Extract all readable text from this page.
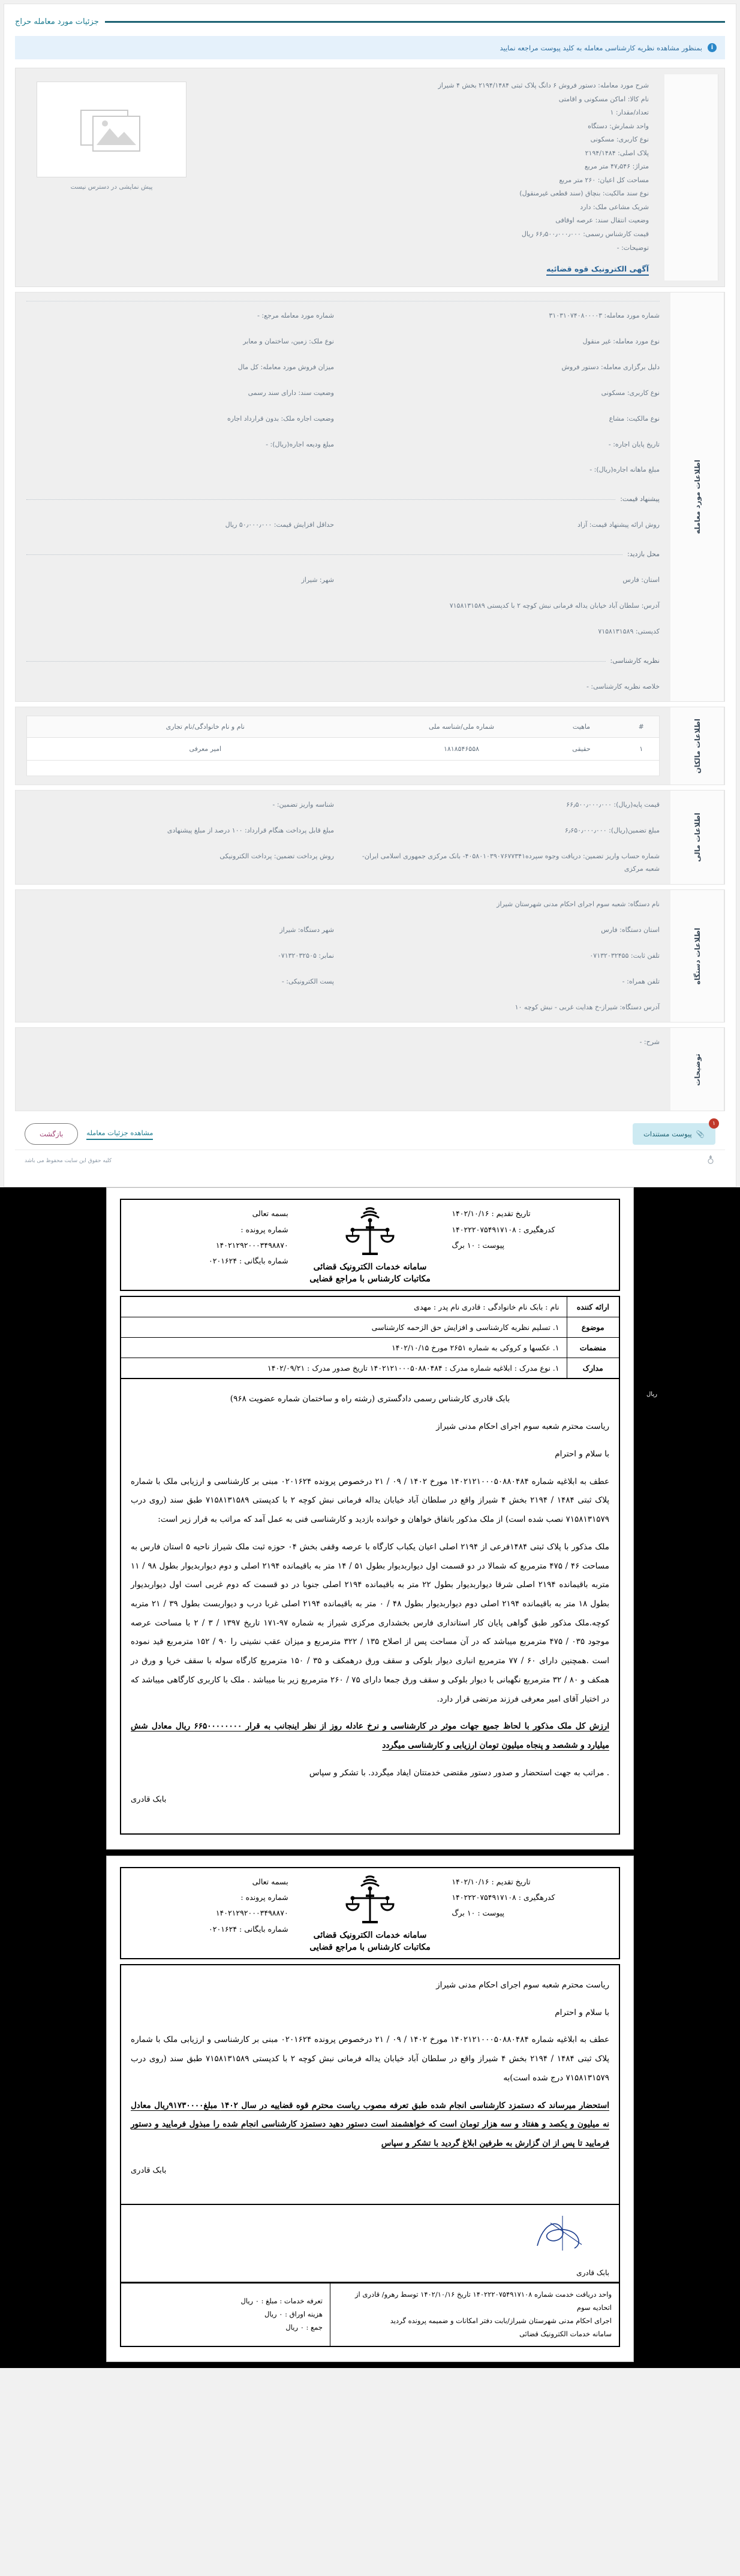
جزئیات مورد معامله حراج
i
بمنظور مشاهده نظریه کارشناسی معامله به کلید پیوست مراجعه نمایید
شرح مورد معامله: دستور فروش ۶ دانگ پلاک ثبتی ۲۱۹۴/۱۴۸۴ بخش ۴ شیراز
نام کالا: اماکن مسکونی و اقامتی
تعداد/مقدار: ۱
واحد شمارش: دستگاه
نوع کاربری: مسکونی
پلاک اصلی: ۲۱۹۴/۱۴۸۴
متراژ: ۴۷٫۵۴۶ متر مربع
مساحت کل اعیان: ۲۶۰ متر مربع
نوع سند مالکیت: بنچاق (سند قطعی غیرمنقول)
شریک مشاعی ملک: دارد
وضعیت انتقال سند: عرصه اوقافی
قیمت کارشناس رسمی: ۶۶٫۵۰۰٫۰۰۰٫۰۰۰ ریال
توضیحات: -
آگهی الکترونیک قوه قضائیه
پیش نمایشی در دسترس نیست
اطلاعات مورد معامله
شماره مورد معامله: ۳۱۰۳۱۰۷۴۰۸۰۰۰۰۳
شماره مورد معامله مرجع: -
نوع مورد معامله: غیر منقول
نوع ملک: زمین، ساختمان و معابر
دلیل برگزاری معامله: دستور فروش
میزان فروش مورد معامله: کل مال
نوع کاربری: مسکونی
وضعیت سند: دارای سند رسمی
نوع مالکیت: مشاع
وضعیت اجاره ملک: بدون قرارداد اجاره
تاریخ پایان اجاره: -
مبلغ ودیعه اجاره(ریال): -
مبلغ ماهانه اجاره(ریال): -
پیشنهاد قیمت:
روش ارائه پیشنهاد قیمت: آزاد
حداقل افزایش قیمت: ۵۰٫۰۰۰٫۰۰۰ ریال
محل بازدید:
استان: فارس
شهر: شیراز
آدرس: سلطان آباد خیابان یداله فرمانی نبش کوچه ۲ با کدپستی ۷۱۵۸۱۳۱۵۸۹
کدپستی: ۷۱۵۸۱۳۱۵۸۹
نظریه کارشناسی:
خلاصه نظریه کارشناسی: -
اطلاعات مالکان
#	ماهیت	شماره ملی/شناسه ملی	نام و نام خانوادگی/نام تجاری
۱	حقیقی	۱۸۱۸۵۴۶۵۵۸	امیر معرفی
اطلاعات مالی
قیمت پایه(ریال): ۶۶٫۵۰۰٫۰۰۰٫۰۰۰
شناسه واریز تضمین: -
مبلغ تضمین(ریال): ۶٫۶۵۰٫۰۰۰٫۰۰۰
مبلغ قابل پرداخت هنگام قرارداد: ۱۰۰ درصد از مبلغ پیشنهادی
شماره حساب واریز تضمین: دریافت وجوه سپرده۴۰۵۸۰۱۰۳۹۰۷۶۷۷۳۴۱- بانک مرکزی جمهوری اسلامی ایران- شعبه مرکزی
روش پرداخت تضمین: پرداخت الکترونیکی
اطلاعات دستگاه
نام دستگاه: شعبه سوم اجرای احکام مدنی شهرستان شیراز
استان دستگاه: فارس
شهر دستگاه: شیراز
تلفن ثابت: ۰۷۱۳۲۰۳۲۴۵۵
نمابر: ۰۷۱۳۲۰۳۲۵۰۵
تلفن همراه: -
پست الکترونیکی: -
آدرس دستگاه: شیراز-خ هدایت غربی - نبش کوچه ۱۰
توضیحات
شرح: -
۱
📎
پیوست مستندات
مشاهده جزئیات معامله
بازگشت
کلیه حقوق این سایت محفوظ می باشد
ریال
تاریخ تقدیم : ۱۴۰۲/۱۰/۱۶
کدرهگیری : ۱۴۰۲۲۲۰۷۵۴۹۱۷۱۰۸
پیوست : ۱۰ برگ
سامانه خدمات الکترونیک قضائی
مکاتبات کارشناس با مراجع قضایی
بسمه تعالی
شماره پرونده :
۱۴۰۲۱۲۹۲۰۰۰۳۴۹۸۸۷۰
شماره بایگانی : ۰۲۰۱۶۲۴
ارائه کننده	نام : بابک نام خانوادگی : قادری نام پدر : مهدی
موضوع	۱. تسلیم نظریه کارشناسی و افزایش حق الزحمه کارشناسی
منضمات	۱. عکسها و کروکی به شماره ۲۶۵۱ مورخ ۱۴۰۲/۱۰/۱۵
مدارک	۱. نوع مدرک : ابلاغیه شماره مدرک : ۱۴۰۲۱۲۱۰۰۰۵۰۸۸۰۴۸۴ تاریخ صدور مدرک : ۱۴۰۲/۰۹/۲۱

بابک قادری کارشناس رسمی دادگستری (رشته راه و ساختمان شماره عضویت ۹۶۸)

ریاست محترم شعبه سوم اجرای احکام مدنی شیراز

با سلام و احترام

عطف به ابلاغیه شماره ۱۴۰۲۱۲۱۰۰۰۵۰۸۸۰۴۸۴ مورخ ۱۴۰۲ / ۰۹ / ۲۱ درخصوص پرونده ۰۲۰۱۶۲۴ مبنی بر کارشناسی و ارزیابی ملک با شماره پلاک ثبتی ۱۴۸۴ / ۲۱۹۴ بخش ۴ شیراز واقع در سلطان آباد خیابان یداله فرمانی نبش کوچه ۲ با کدپستی ۷۱۵۸۱۳۱۵۸۹ طبق سند (روی درب ۷۱۵۸۱۳۱۵۷۹ نصب شده است) از ملک مذکور باتفاق خواهان و خوانده بازدید و کارشناسی فنی به عمل آمد که مراتب به قرار زیر است:

ملک مذکور با پلاک ثبتی ۱۴۸۴فرعی از ۲۱۹۴ اصلی اعیان یکباب کارگاه با عرصه وقفی بخش ۰۴ حوزه ثبت ملک شیراز ناحیه ۵ استان فارس به مساحت ۴۶ / ۴۷۵ مترمربع که شمالا در دو قسمت اول دیواربدیوار بطول ۵۱ / ۱۴ متر به باقیمانده ۲۱۹۴ اصلی و دوم دیواربدیوار بطول ۹۸ / ۱۱ متربه باقیمانده ۲۱۹۴ اصلی شرقا دیواربدیوار بطول ۲۲ متر به باقیمانده ۲۱۹۴ اصلی جنوبا در دو قسمت که دوم غربی است اول دیواربدیوار بطول ۱۸ متر به باقیمانده ۲۱۹۴ اصلی دوم دیواربدیوار بطول ۴۸ / ۰ متر به باقیمانده ۲۱۹۴ اصلی غربا درب و دیواربست بطول ۳۹ / ۲۱ متربه کوچه.ملک مذکور طبق گواهی پایان کار استانداری فارس بخشداری مرکزی شیراز به شماره ۹۷-۱۷۱ تاریخ ۱۳۹۷ / ۳ / ۲ با مساحت عرصه موجود ۰۳۵ / ۴۷۵ مترمربع میباشد که در آن مساحت پس از اصلاح ۱۳۵ / ۳۲۲ مترمربع و میزان عقب نشینی را ۹۰ / ۱۵۲ مترمربع قید نموده است .همچنین دارای ۶۰ / ۷۷ مترمربع انباری دیوار بلوکی و سقف ورق درهمکف و ۳۵ / ۱۵۰ مترمربع کارگاه سوله با سقف خرپا و ورق در همکف و ۸۰ / ۳۲ مترمربع نگهبانی با دیوار بلوکی و سقف ورق جمعا دارای ۷۵ / ۲۶۰ مترمربع زیر بنا میباشد . ملک با کاربری کارگاهی میباشد که در اختیار آقای امیر معرفی فرزند مرتضی قرار دارد.

ارزش کل ملک مذکور با لحاظ جمیع جهات موثر در کارشناسی و نرخ عادله روز از نظر اینجانب به قرار ۶۶۵۰۰۰۰۰۰۰۰ ریال معادل شش میلیارد و ششصد و پنجاه میلیون تومان ارزیابی و کارشناسی میگردد

. مراتب به جهت استحضار و صدور دستور مقتضی خدمتتان ایفاد میگردد. با تشکر و سپاس

بابک قادری

تاریخ تقدیم : ۱۴۰۲/۱۰/۱۶
کدرهگیری : ۱۴۰۲۲۲۰۷۵۴۹۱۷۱۰۸
پیوست : ۱۰ برگ
سامانه خدمات الکترونیک قضائی
مکاتبات کارشناس با مراجع قضایی
بسمه تعالی
شماره پرونده :
۱۴۰۲۱۲۹۲۰۰۰۳۴۹۸۸۷۰
شماره بایگانی : ۰۲۰۱۶۲۴

ریاست محترم شعبه سوم اجرای احکام مدنی شیراز

با سلام و احترام

عطف به ابلاغیه شماره ۱۴۰۲۱۲۱۰۰۰۵۰۸۸۰۴۸۴ مورخ ۱۴۰۲ / ۰۹ / ۲۱ درخصوص پرونده ۰۲۰۱۶۲۴ مبنی بر کارشناسی و ارزیابی ملک با شماره پلاک ثبتی ۱۴۸۴ / ۲۱۹۴ بخش ۴ شیراز واقع در سلطان آباد خیابان یداله فرمانی نبش کوچه ۲ با کدپستی ۷۱۵۸۱۳۱۵۸۹ طبق سند (روی درب ۷۱۵۸۱۳۱۵۷۹ درج شده است)به

استحضار میرساند که دستمزد کارشناسی انجام شده طبق تعرفه مصوب ریاست محترم قوه قضاییه در سال ۱۴۰۲ مبلغ۹۱۷۳۰۰۰۰ریال معادل نه میلیون و یکصد و هفتاد و سه هزار تومان است که خواهشمند است دستور دهید دستمزد کارشناسی انجام شده را مبذول فرمایید و دستور فرمایید تا پس از ان گزارش به طرفین ابلاغ گردید با تشکر و سپاس

بابک قادری

بابک قادری
واحد دریافت خدمت شماره ۱۴۰۲۲۲۰۷۵۴۹۱۷۱۰۸ تاریخ ۱۴۰۲/۱۰/۱۶ توسط رهرو/ قادری از اتحادیه سوم
اجرای احکام مدنی شهرستان شیراز/بابت دفتر امکانات و ضمیمه پرونده گردید
سامانه خدمات الکترونیک قضائی

تعرفه خدمات : مبلغ : ۰ ریال
هزینه اوراق : ۰ ریال
جمع : ۰ ریال
